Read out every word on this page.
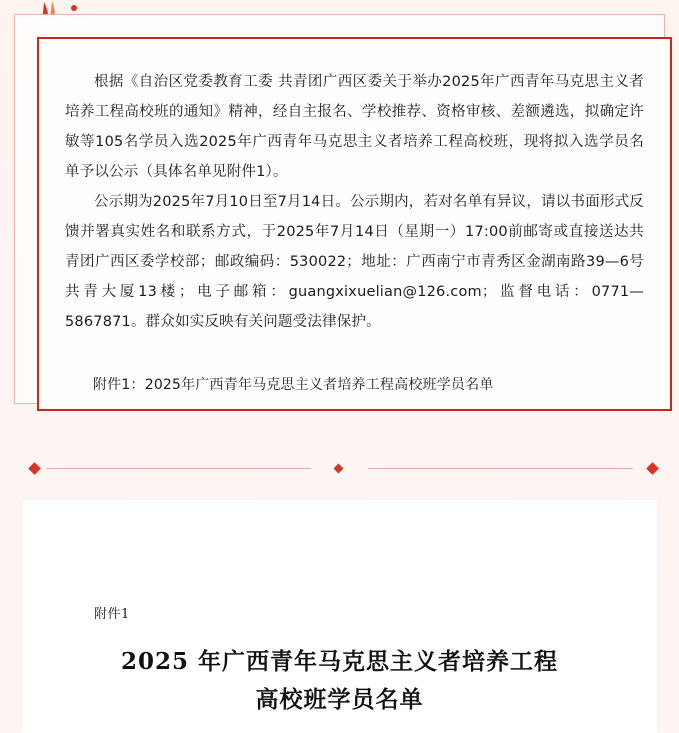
根据《自治区党委教育工委 共青团广西区委关于举办2025年广西青年马克思主义者培养工程高校班的通知》精神，经自主报名、学校推荐、资格审核、差额遴选，拟确定许敏等105名学员入选2025年广西青年马克思主义者培养工程高校班，现将拟入选学员名单予以公示（具体名单见附件1）。

公示期为2025年7月10日至7月14日。公示期内，若对名单有异议，请以书面形式反馈并署真实姓名和联系方式，于2025年7月14日（星期一）17:00前邮寄或直接送达共青团广西区委学校部；邮政编码：530022；地址：广西南宁市青秀区金湖南路39—6号共青大厦13楼；电子邮箱：guangxixuelian@126.com；监督电话：0771—5867871。群众如实反映有关问题受法律保护。

附件1：2025年广西青年马克思主义者培养工程高校班学员名单
附件1
2025 年广西青年马克思主义者培养工程
高校班学员名单
